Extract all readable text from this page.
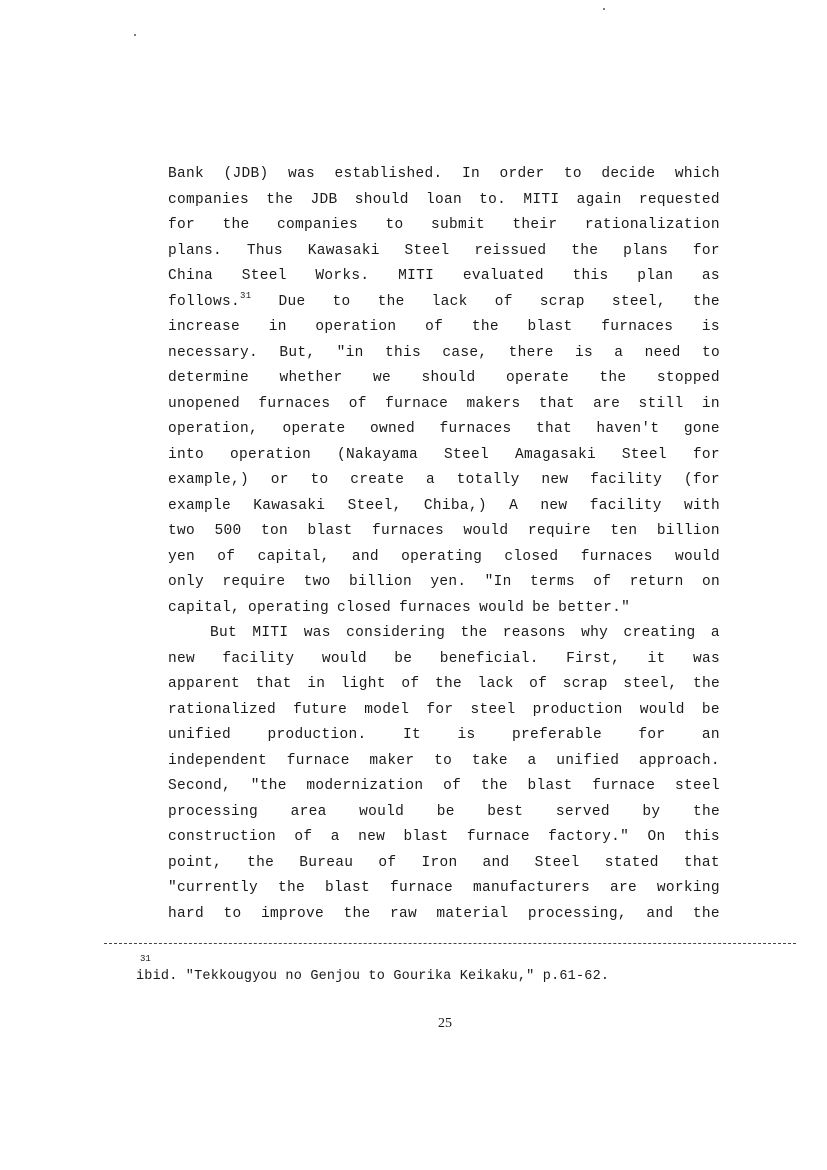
Bank (JDB) was established. In order to decide which
companies the JDB should loan to. MITI again requested
for the companies to submit their rationalization
plans. Thus Kawasaki Steel reissued the plans for
China Steel Works. MITI evaluated this plan as
follows.$^{31}$ Due to the lack of scrap steel, the
increase in operation of the blast furnaces is
necessary. But, "in this case, there is a need to
determine whether we should operate the stopped
unopened furnaces of furnace makers that are still in
operation, operate owned furnaces that haven't gone
into operation (Nakayama Steel Amagasaki Steel for
example,) or to create a totally new facility (for
example Kawasaki Steel, Chiba,) A new facility with
two 500 ton blast furnaces would require ten billion
yen of capital, and operating closed furnaces would
only require two billion yen. "In terms of return on
capital, operating closed furnaces would be better."
But MITI was considering the reasons why creating a
new facility would be beneficial. First, it was
apparent that in light of the lack of scrap steel, the
rationalized future model for steel production would be
unified	production.	It	is	preferable	for	an
independent furnace maker to take a unified approach.
Second, "the modernization of the blast furnace steel
processing area would be best served by the
construction of a new blast furnace factory." On this
point, the Bureau of Iron and Steel stated that
"currently the blast furnace manufacturers are working
hard to improve the raw material processing, and the
31
ibid. "Tekkougyou no Genjou to Gourika Keikaku," p.61-62.
25
